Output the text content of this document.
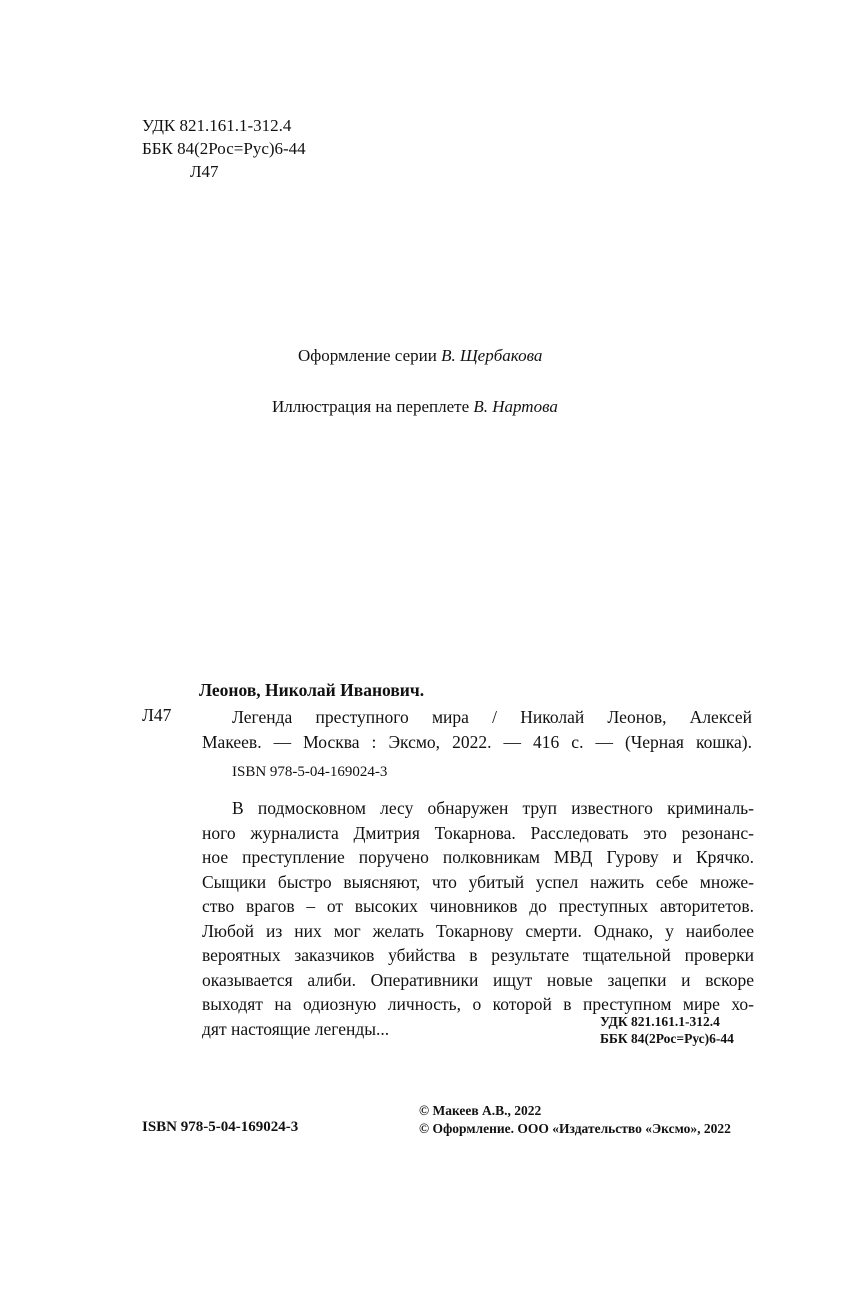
УДК 821.161.1-312.4
ББК 84(2Рос=Рус)6-44
Л47
Оформление серии В. Щербакова
Иллюстрация на переплете В. Нартова
Леонов, Николай Иванович.
Л47	Легенда преступного мира / Николай Леонов, Алексей
Макеев. — Москва : Эксмо, 2022. — 416 с. — (Черная кошка).
ISBN 978-5-04-169024-3
В подмосковном лесу обнаружен труп известного криминаль-
ного журналиста Дмитрия Токарнова. Расследовать это резонанс-
ное преступление поручено полковникам МВД Гурову и Крячко.
Сыщики быстро выясняют, что убитый успел нажить себе множе-
ство врагов – от высоких чиновников до преступных авторитетов.
Любой из них мог желать Токарнову смерти. Однако, у наиболее
вероятных заказчиков убийства в результате тщательной проверки
оказывается алиби. Оперативники ищут новые зацепки и вскоре
выходят на одиозную личность, о которой в преступном мире хо-
дят настоящие легенды...	УДК 821.161.1-312.4
ББК 84(2Рос=Рус)6-44
© Макеев А.В., 2022
© Оформление. ООО «Издательство «Эксмо», 2022
ISBN 978-5-04-169024-3
